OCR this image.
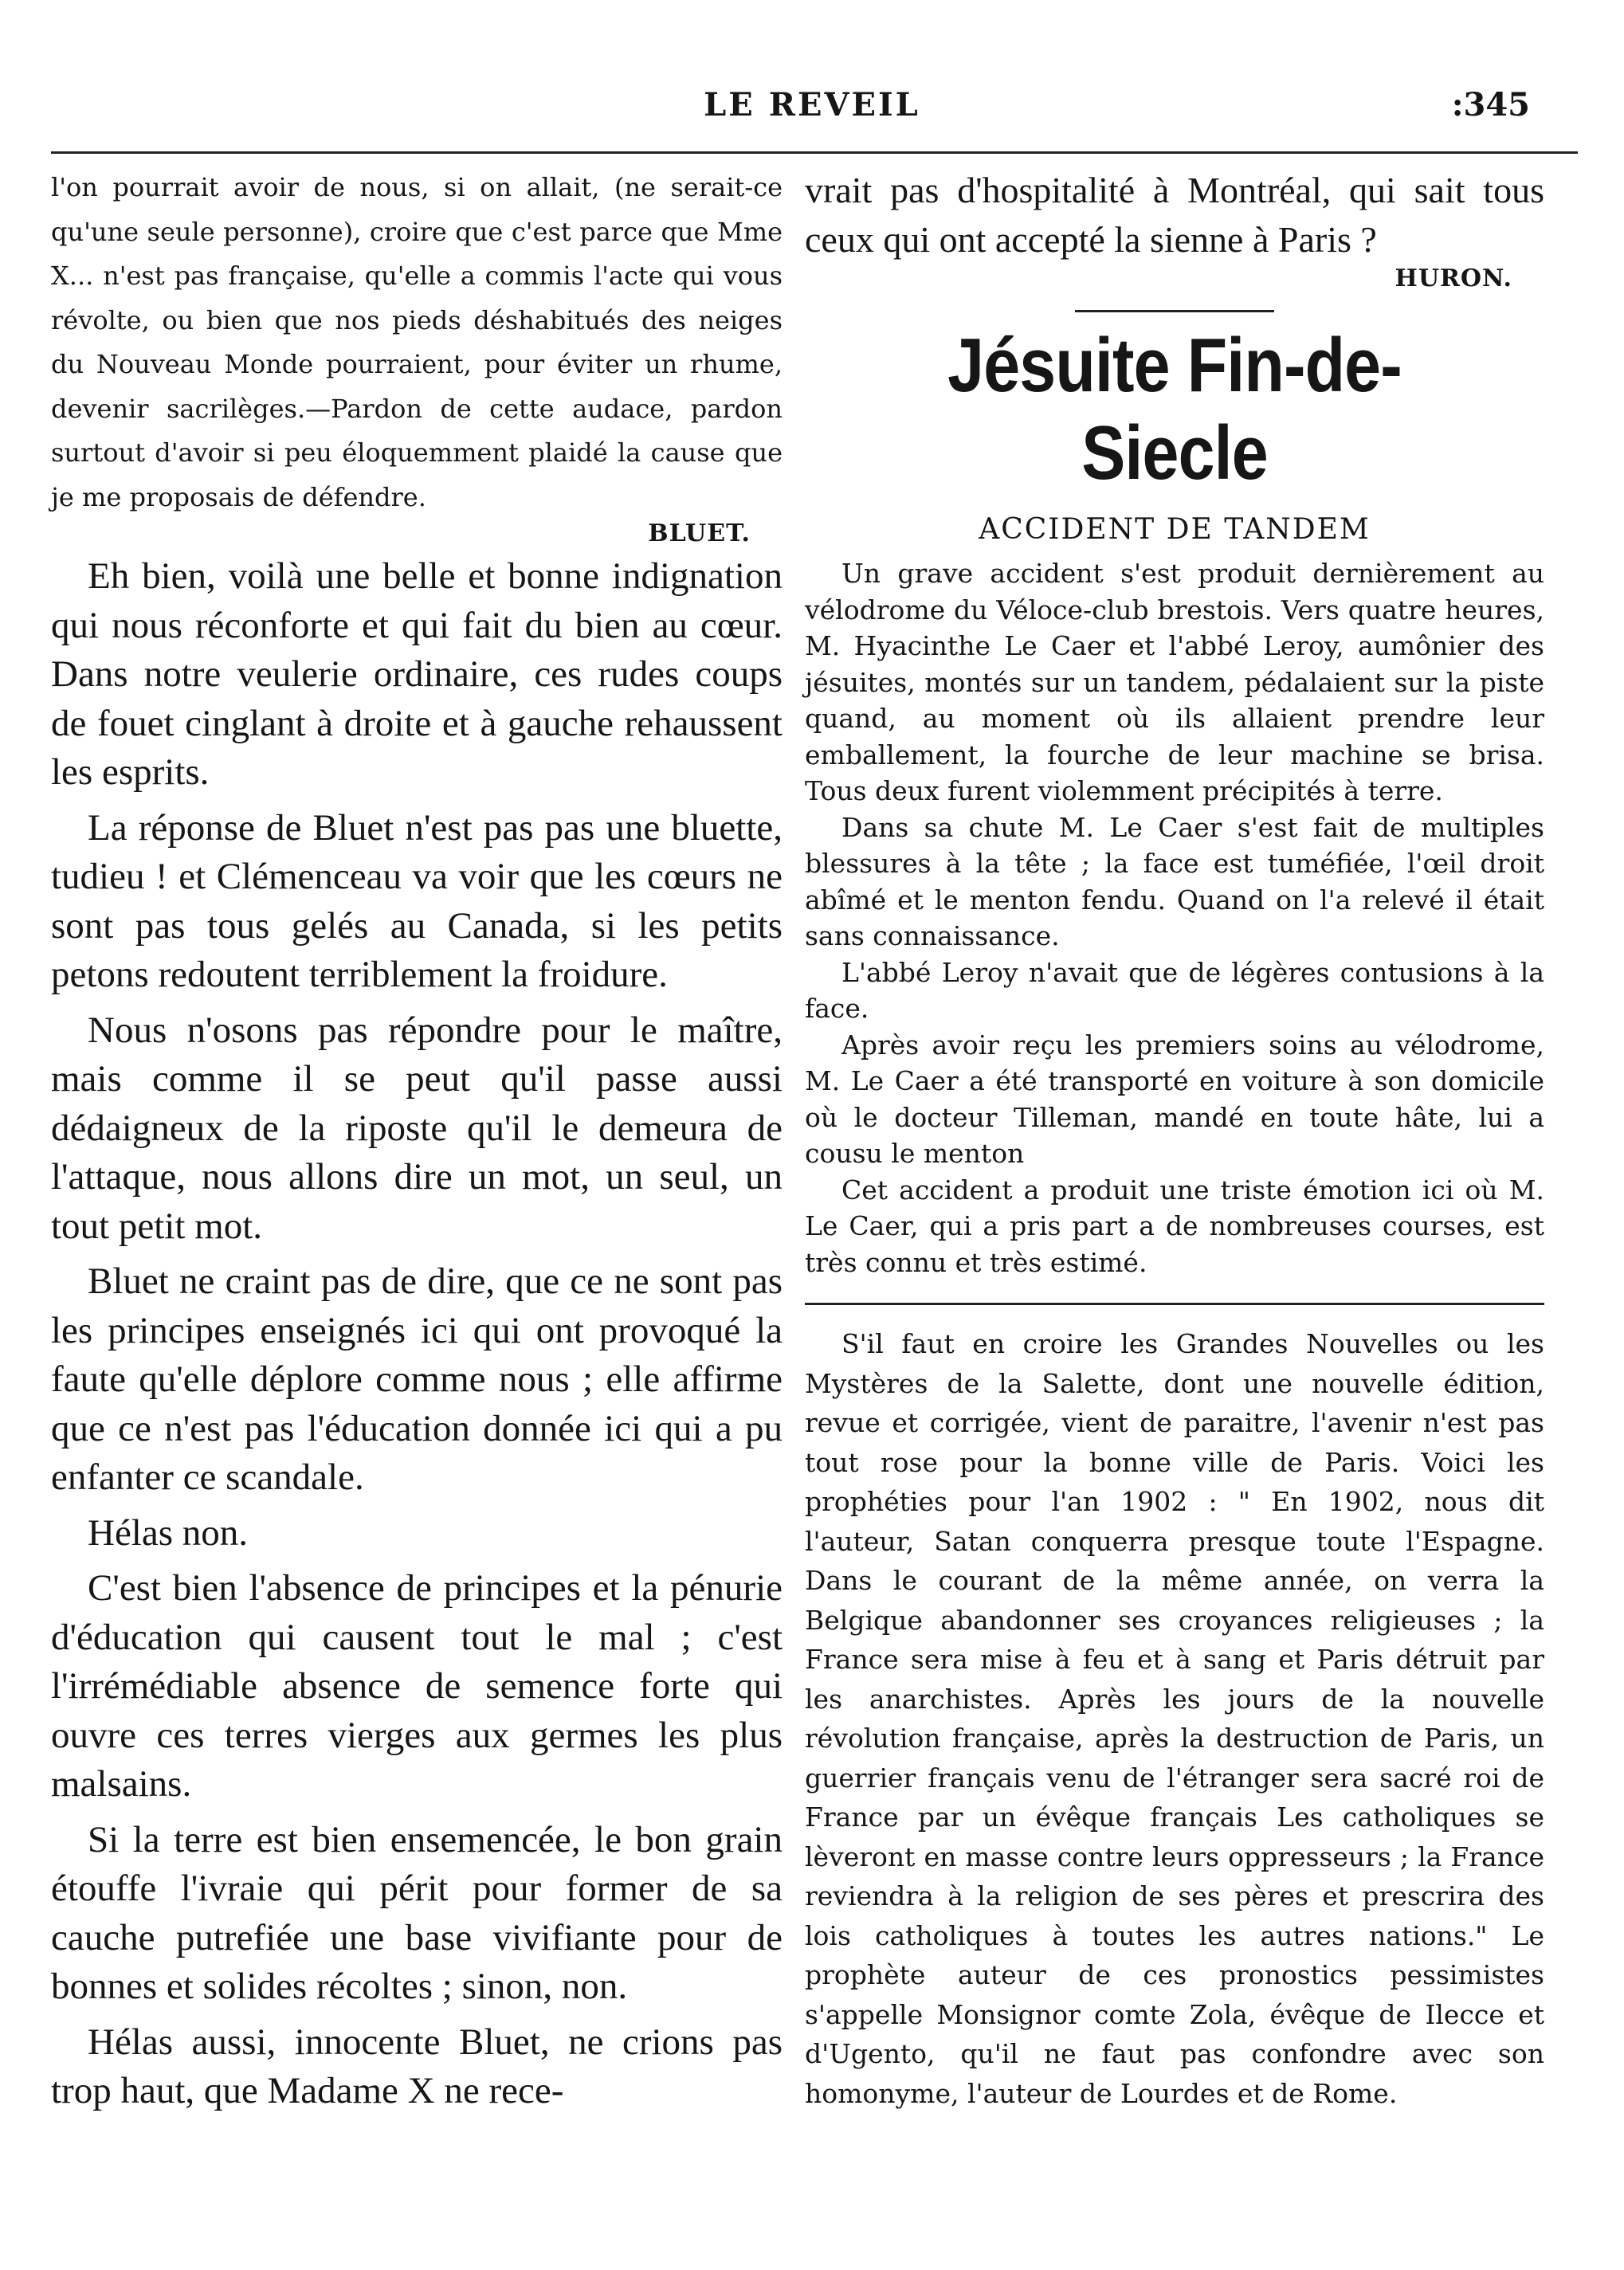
LE REVEIL	:345

l'on pourrait avoir de nous, si on allait, (ne serait-ce qu'une seule personne), croire que c'est parce que Mme X... n'est pas française, qu'elle a commis l'acte qui vous révolte, ou bien que nos pieds déshabitués des neiges du Nouveau Monde pourraient, pour éviter un rhume, devenir sacrilèges.—Pardon de cette audace, pardon surtout d'avoir si peu éloquemment plaidé la cause que je me proposais de défendre.

BLUET.

Eh bien, voilà une belle et bonne indignation qui nous réconforte et qui fait du bien au cœur. Dans notre veulerie ordinaire, ces rudes coups de fouet cinglant à droite et à gauche rehaussent les esprits.

La réponse de Bluet n'est pas pas une bluette, tudieu ! et Clémenceau va voir que les cœurs ne sont pas tous gelés au Canada, si les petits petons redoutent terriblement la froidure.

Nous n'osons pas répondre pour le maître, mais comme il se peut qu'il passe aussi dédaigneux de la riposte qu'il le demeura de l'attaque, nous allons dire un mot, un seul, un tout petit mot.

Bluet ne craint pas de dire, que ce ne sont pas les principes enseignés ici qui ont provoqué la faute qu'elle déplore comme nous ; elle affirme que ce n'est pas l'éducation donnée ici qui a pu enfanter ce scandale.

Hélas non.

C'est bien l'absence de principes et la pénurie d'éducation qui causent tout le mal ; c'est l'irrémédiable absence de semence forte qui ouvre ces terres vierges aux germes les plus malsains.

Si la terre est bien ensemencée, le bon grain étouffe l'ivraie qui périt pour former de sa cauche putrefiée une base vivifiante pour de bonnes et solides récoltes ; sinon, non.

Hélas aussi, innocente Bluet, ne crions pas trop haut, que Madame X ne rece-

vrait pas d'hospitalité à Montréal, qui sait tous ceux qui ont accepté la sienne à Paris ?

HURON.

Jésuite Fin-de-Siecle
ACCIDENT DE TANDEM

Un grave accident s'est produit dernièrement au vélodrome du Véloce-club brestois. Vers quatre heures, M. Hyacinthe Le Caer et l'abbé Leroy, aumônier des jésuites, montés sur un tandem, pédalaient sur la piste quand, au moment où ils allaient prendre leur emballement, la fourche de leur machine se brisa. Tous deux furent violemment précipités à terre.

Dans sa chute M. Le Caer s'est fait de multiples blessures à la tête ; la face est tuméfiée, l'œil droit abîmé et le menton fendu. Quand on l'a relevé il était sans connaissance.

L'abbé Leroy n'avait que de légères contusions à la face.

Après avoir reçu les premiers soins au vélodrome, M. Le Caer a été transporté en voiture à son domicile où le docteur Tilleman, mandé en toute hâte, lui a cousu le menton

Cet accident a produit une triste émotion ici où M. Le Caer, qui a pris part a de nombreuses courses, est très connu et très estimé.

S'il faut en croire les Grandes Nouvelles ou les Mystères de la Salette, dont une nouvelle édition, revue et corrigée, vient de paraitre, l'avenir n'est pas tout rose pour la bonne ville de Paris. Voici les prophéties pour l'an 1902 : " En 1902, nous dit l'auteur, Satan conquerra presque toute l'Espagne. Dans le courant de la même année, on verra la Belgique abandonner ses croyances religieuses ; la France sera mise à feu et à sang et Paris détruit par les anarchistes. Après les jours de la nouvelle révolution française, après la destruction de Paris, un guerrier français venu de l'étranger sera sacré roi de France par un évêque français Les catholiques se lèveront en masse contre leurs oppresseurs ; la France reviendra à la religion de ses pères et prescrira des lois catholiques à toutes les autres nations." Le prophète auteur de ces pronostics pessimistes s'appelle Monsignor comte Zola, évêque de Ilecce et d'Ugento, qu'il ne faut pas confondre avec son homonyme, l'auteur de Lourdes et de Rome.
